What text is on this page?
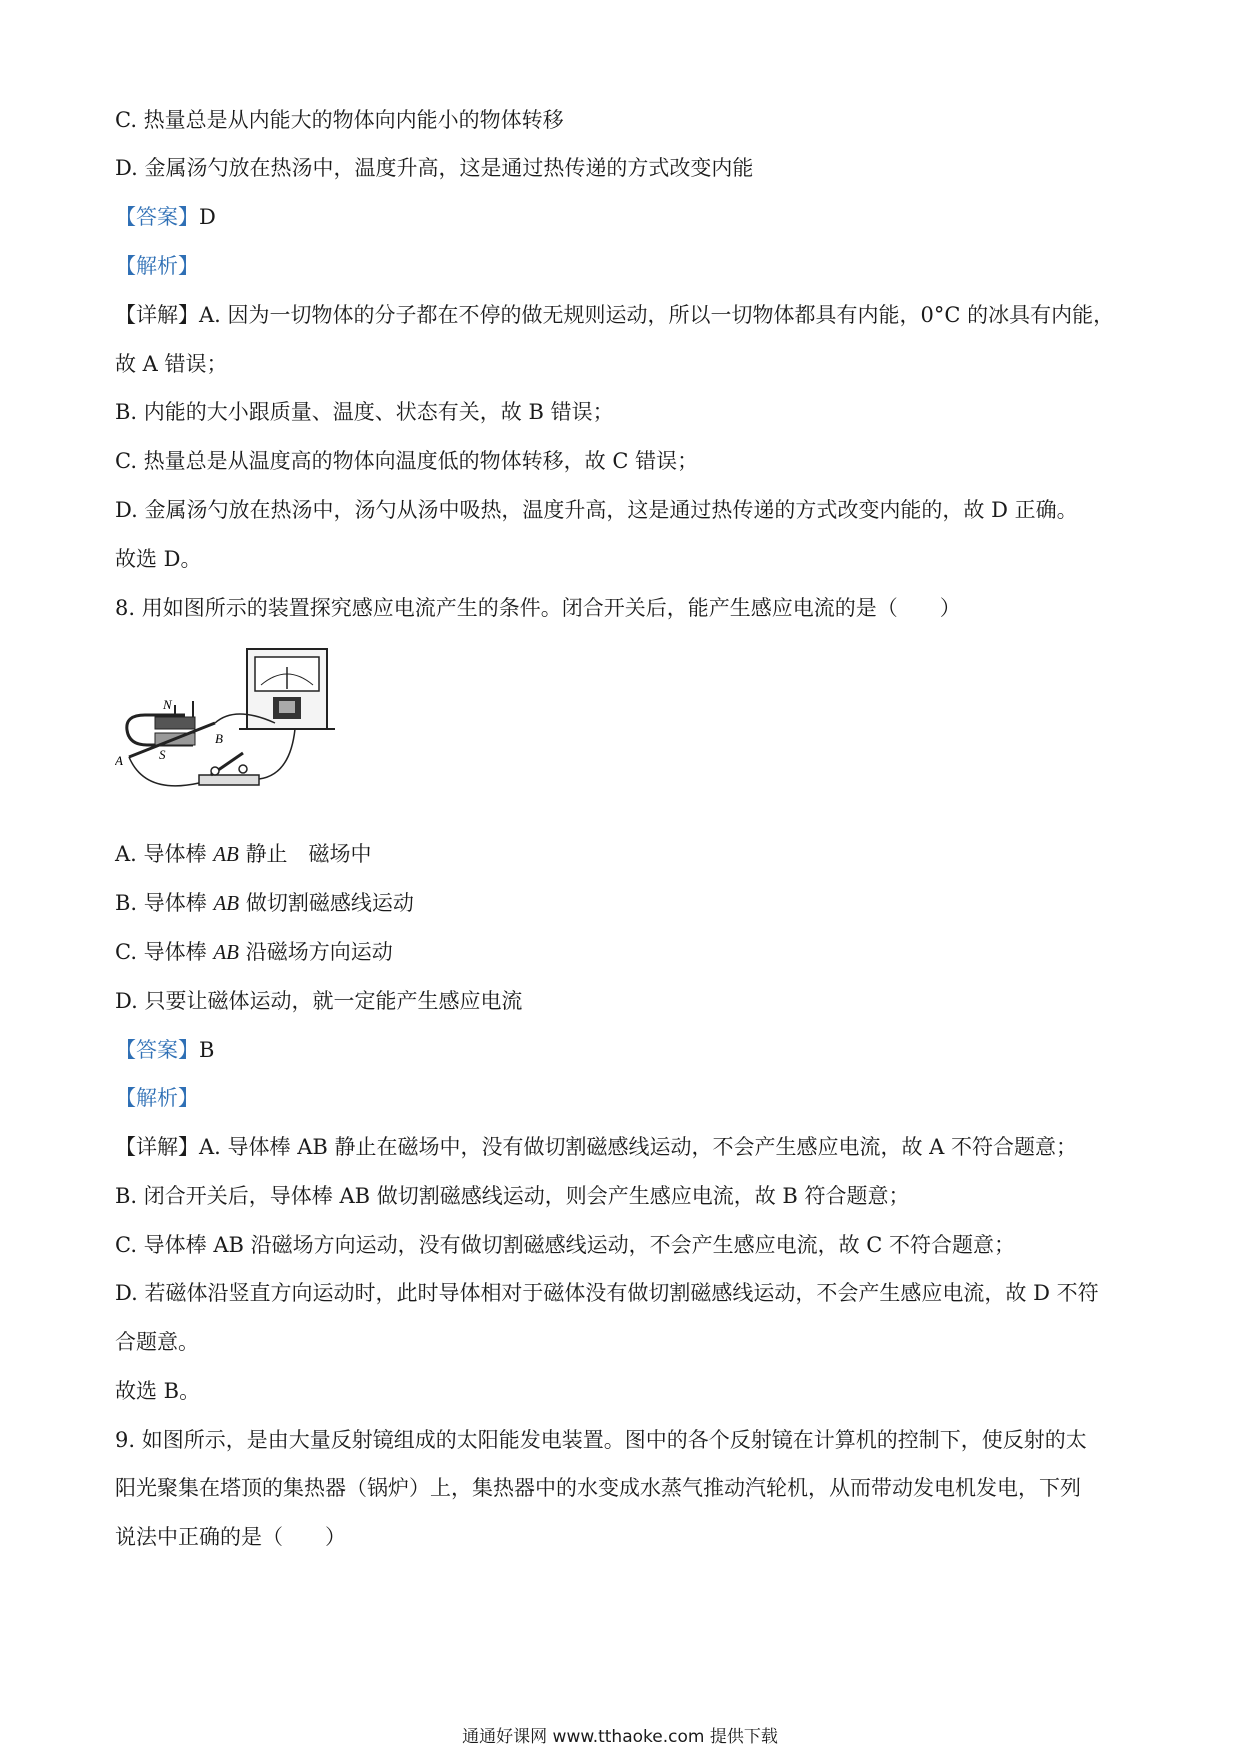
C. 热量总是从内能大的物体向内能小的物体转移
D. 金属汤勺放在热汤中，温度升高，这是通过热传递的方式改变内能
【答案】D
【解析】
【详解】A. 因为一切物体的分子都在不停的做无规则运动，所以一切物体都具有内能，0°C 的冰具有内能，
故 A 错误；
B. 内能的大小跟质量、温度、状态有关，故 B 错误；
C. 热量总是从温度高的物体向温度低的物体转移，故 C 错误；
D. 金属汤勺放在热汤中，汤勺从汤中吸热，温度升高，这是通过热传递的方式改变内能的，故 D 正确。
故选 D。
8. 用如图所示的装置探究感应电流产生的条件。闭合开关后，能产生感应电流的是（　　）
N
S
A
B
A. 导体棒 AB 静止　磁场中
B. 导体棒 AB 做切割磁感线运动
C. 导体棒 AB 沿磁场方向运动
D. 只要让磁体运动，就一定能产生感应电流
【答案】B
【解析】
【详解】A. 导体棒 AB 静止在磁场中，没有做切割磁感线运动，不会产生感应电流，故 A 不符合题意；
B. 闭合开关后，导体棒 AB 做切割磁感线运动，则会产生感应电流，故 B 符合题意；
C. 导体棒 AB 沿磁场方向运动，没有做切割磁感线运动，不会产生感应电流，故 C 不符合题意；
D. 若磁体沿竖直方向运动时，此时导体相对于磁体没有做切割磁感线运动，不会产生感应电流，故 D 不符
合题意。
故选 B。
9. 如图所示，是由大量反射镜组成的太阳能发电装置。图中的各个反射镜在计算机的控制下，使反射的太
阳光聚集在塔顶的集热器（锅炉）上，集热器中的水变成水蒸气推动汽轮机，从而带动发电机发电，下列
说法中正确的是（　　）
通通好课网 www.tthaoke.com 提供下载
